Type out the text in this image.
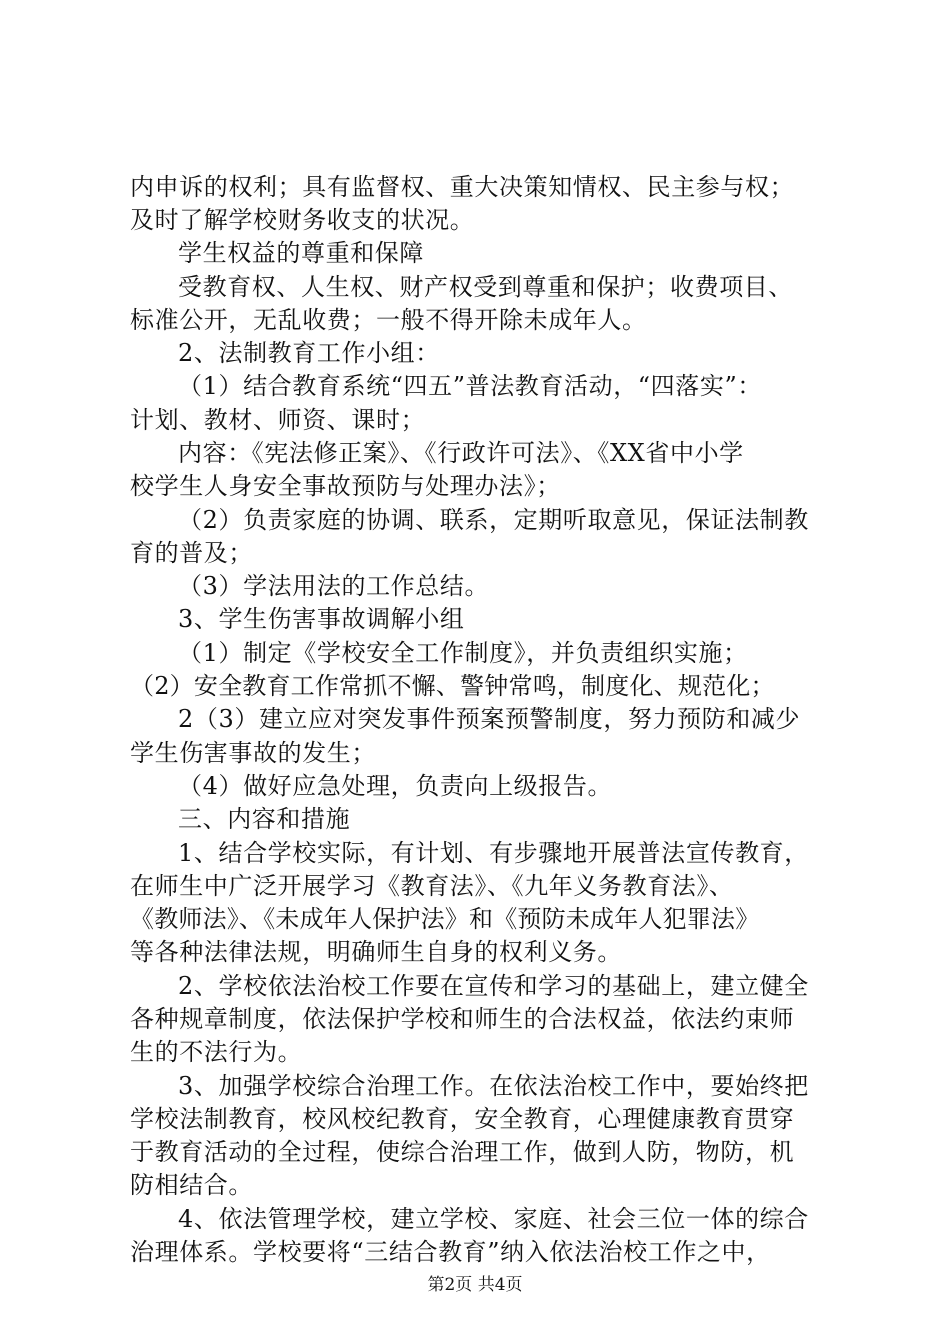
内申诉的权利；具有监督权、重大决策知情权、民主参与权；
及时了解学校财务收支的状况。
学生权益的尊重和保障
受教育权、人生权、财产权受到尊重和保护；收费项目、
标准公开，无乱收费；一般不得开除未成年人。
2、法制教育工作小组：
（1）结合教育系统“四五”普法教育活动，“四落实”：
计划、教材、师资、课时；
内容：《宪法修正案》、《行政许可法》、《XX省中小学
校学生人身安全事故预防与处理办法》；
（2）负责家庭的协调、联系，定期听取意见，保证法制教
育的普及；
（3）学法用法的工作总结。
3、学生伤害事故调解小组
（1）制定《学校安全工作制度》，并负责组织实施；
（2）安全教育工作常抓不懈、警钟常鸣，制度化、规范化；
2（3）建立应对突发事件预案预警制度，努力预防和减少
学生伤害事故的发生；
（4）做好应急处理，负责向上级报告。
三、内容和措施
1、结合学校实际，有计划、有步骤地开展普法宣传教育，
在师生中广泛开展学习《教育法》、《九年义务教育法》、
《教师法》、《未成年人保护法》和《预防未成年人犯罪法》
等各种法律法规，明确师生自身的权利义务。
2、学校依法治校工作要在宣传和学习的基础上，建立健全
各种规章制度，依法保护学校和师生的合法权益，依法约束师
生的不法行为。
3、加强学校综合治理工作。在依法治校工作中，要始终把
学校法制教育，校风校纪教育，安全教育，心理健康教育贯穿
于教育活动的全过程，使综合治理工作，做到人防，物防，机
防相结合。
4、依法管理学校，建立学校、家庭、社会三位一体的综合
治理体系。学校要将“三结合教育”纳入依法治校工作之中，
第2页 共4页
